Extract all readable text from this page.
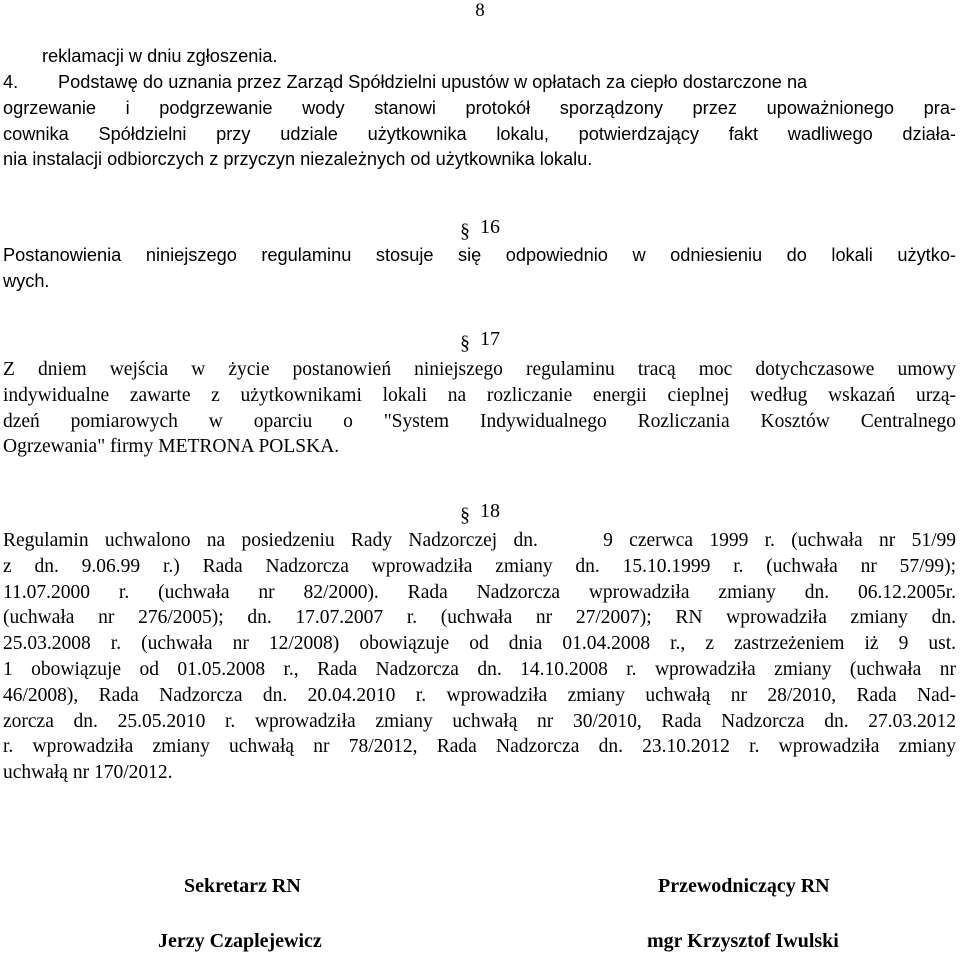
8
reklamacji w dniu zgłoszenia.
4.	Podstawę do uznania przez Zarząd Spółdzielni upustów w opłatach za ciepło dostarczone na
ogrzewanie i podgrzewanie wody stanowi protokół sporządzony przez upoważnionego pra-
cownika Spółdzielni przy udziale użytkownika lokalu, potwierdzający fakt wadliwego działa-
nia instalacji odbiorczych z przyczyn niezależnych od użytkownika lokalu.
§ 16
Postanowienia niniejszego regulaminu stosuje się odpowiednio w odniesieniu do lokali użytko-
wych.
§ 17
Z dniem wejścia w życie postanowień niniejszego regulaminu tracą moc dotychczasowe umowy
indywidualne zawarte z użytkownikami lokali na rozliczanie energii cieplnej według wskazań urzą-
dzeń pomiarowych w oparciu o "System Indywidualnego Rozliczania Kosztów Centralnego
Ogrzewania" firmy METRONA POLSKA.
§ 18
Regulamin uchwalono na posiedzeniu Rady Nadzorczej dn.    9 czerwca 1999 r. (uchwała nr 51/99
z dn. 9.06.99 r.) Rada Nadzorcza wprowadziła zmiany dn. 15.10.1999 r. (uchwała nr 57/99);
11.07.2000 r. (uchwała nr 82/2000). Rada Nadzorcza wprowadziła zmiany dn. 06.12.2005r.
(uchwała nr 276/2005); dn. 17.07.2007 r. (uchwała nr 27/2007); RN wprowadziła zmiany dn.
25.03.2008 r. (uchwała nr 12/2008) obowiązuje od dnia 01.04.2008 r., z zastrzeżeniem iż 9 ust.
1 obowiązuje od 01.05.2008 r., Rada Nadzorcza dn. 14.10.2008 r. wprowadziła zmiany (uchwała nr
46/2008), Rada Nadzorcza dn. 20.04.2010 r. wprowadziła zmiany uchwałą nr 28/2010, Rada Nad-
zorcza dn. 25.05.2010 r. wprowadziła zmiany uchwałą nr 30/2010, Rada Nadzorcza dn. 27.03.2012
r. wprowadziła zmiany uchwałą nr 78/2012, Rada Nadzorcza dn. 23.10.2012 r. wprowadziła zmiany
uchwałą nr 170/2012.
Sekretarz RN
Jerzy Czaplejewicz
Przewodniczący RN
mgr Krzysztof Iwulski
